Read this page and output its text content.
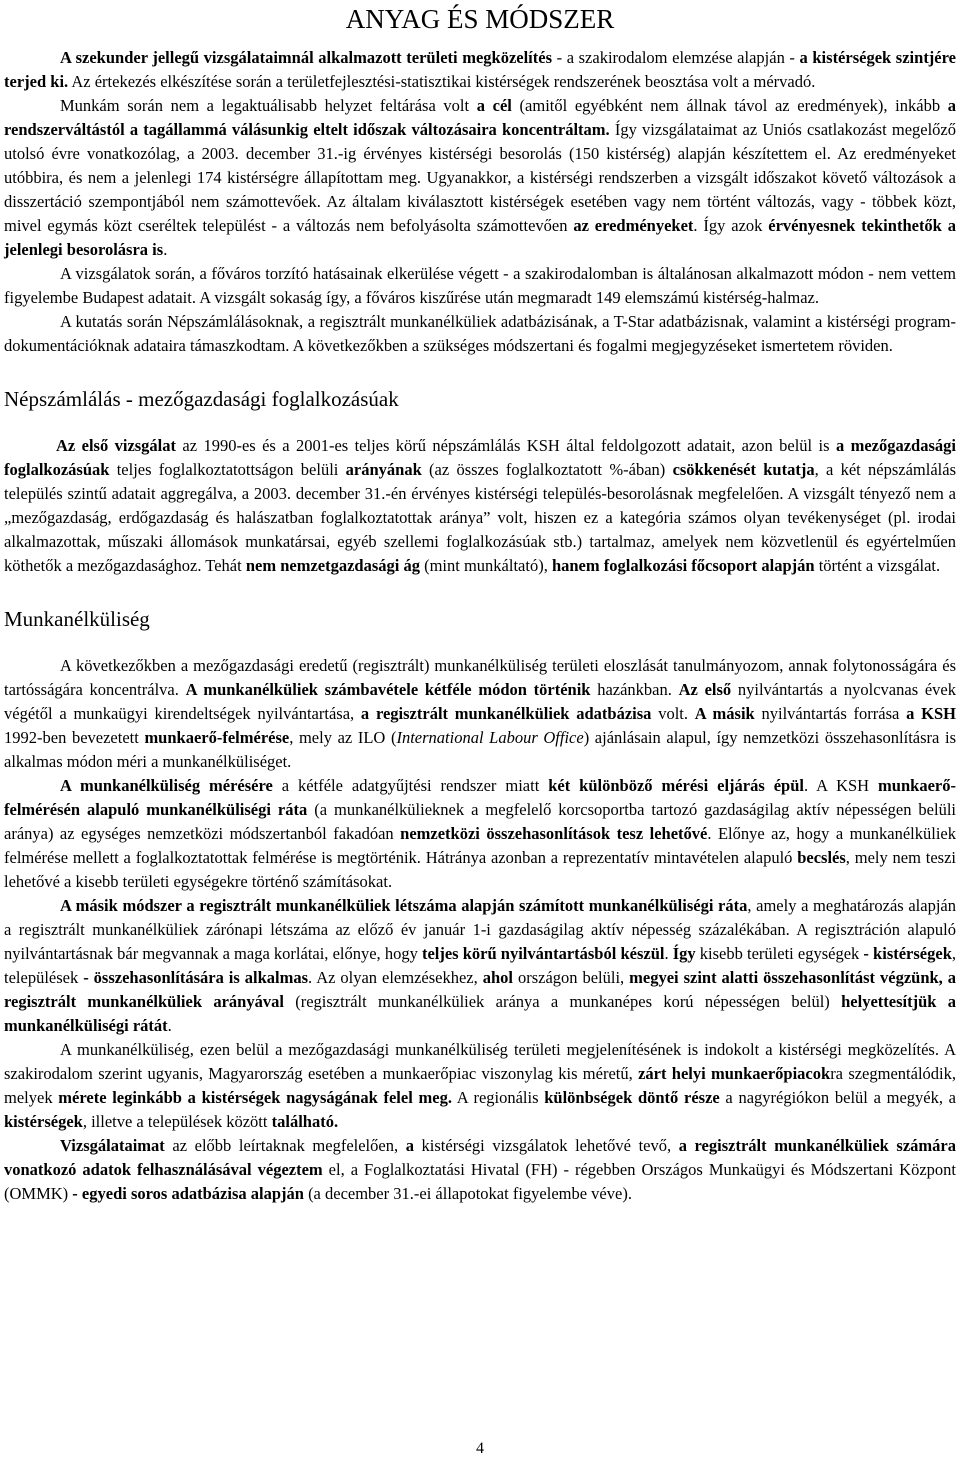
ANYAG ÉS MÓDSZER

A szekunder jellegű vizsgálataimnál alkalmazott területi megközelítés - a szakirodalom elemzése alapján - a kistérségek szintjére terjed ki. Az értekezés elkészítése során a területfejlesztési-statisztikai kistérségek rendszerének beosztása volt a mérvadó.

Munkám során nem a legaktuálisabb helyzet feltárása volt a cél (amitől egyébként nem állnak távol az eredmények), inkább a rendszerváltástól a tagállammá válásunkig eltelt időszak változásaira koncentráltam. Így vizsgálataimat az Uniós csatlakozást megelőző utolsó évre vonatkozólag, a 2003. december 31.-ig érvényes kistérségi besorolás (150 kistérség) alapján készítettem el. Az eredményeket utóbbira, és nem a jelenlegi 174 kistérségre állapítottam meg. Ugyanakkor, a kistérségi rendszerben a vizsgált időszakot követő változások a disszertáció szempontjából nem számottevőek. Az általam kiválasztott kistérségek esetében vagy nem történt változás, vagy - többek közt, mivel egymás közt cseréltek települést - a változás nem befolyásolta számottevően az eredményeket. Így azok érvényesnek tekinthetők a jelenlegi besorolásra is.

A vizsgálatok során, a főváros torzító hatásainak elkerülése végett - a szakirodalomban is általánosan alkalmazott módon - nem vettem figyelembe Budapest adatait. A vizsgált sokaság így, a főváros kiszűrése után megmaradt 149 elemszámú kistérség-halmaz.

A kutatás során Népszámlálásoknak, a regisztrált munkanélküliek adatbázisának, a T-Star adatbázisnak, valamint a kistérségi program-dokumentációknak adataira támaszkodtam. A következőkben a szükséges módszertani és fogalmi megjegyzéseket ismertetem röviden.

Népszámlálás - mezőgazdasági foglalkozásúak

Az első vizsgálat az 1990-es és a 2001-es teljes körű népszámlálás KSH által feldolgozott adatait, azon belül is a mezőgazdasági foglalkozásúak teljes foglalkoztatottságon belüli arányának (az összes foglalkoztatott %-ában) csökkenését kutatja, a két népszámlálás település szintű adatait aggregálva, a 2003. december 31.-én érvényes kistérségi település-besorolásnak megfelelően. A vizsgált tényező nem a „mezőgazdaság, erdőgazdaság és halászatban foglalkoztatottak aránya” volt, hiszen ez a kategória számos olyan tevékenységet (pl. irodai alkalmazottak, műszaki állomások munkatársai, egyéb szellemi foglalkozásúak stb.) tartalmaz, amelyek nem közvetlenül és egyértelműen köthetők a mezőgazdasághoz. Tehát nem nemzetgazdasági ág (mint munkáltató), hanem foglalkozási főcsoport alapján történt a vizsgálat.

Munkanélküliség

A következőkben a mezőgazdasági eredetű (regisztrált) munkanélküliség területi eloszlását tanulmányozom, annak folytonosságára és tartósságára koncentrálva. A munkanélküliek számbavétele kétféle módon történik hazánkban. Az első nyilvántartás a nyolcvanas évek végétől a munkaügyi kirendeltségek nyilvántartása, a regisztrált munkanélküliek adatbázisa volt. A másik nyilvántartás forrása a KSH 1992-ben bevezetett munkaerő-felmérése, mely az ILO (International Labour Office) ajánlásain alapul, így nemzetközi összehasonlításra is alkalmas módon méri a munkanélküliséget.

A munkanélküliség mérésére a kétféle adatgyűjtési rendszer miatt két különböző mérési eljárás épül. A KSH munkaerő-felmérésén alapuló munkanélküliségi ráta (a munkanélkülieknek a megfelelő korcsoportba tartozó gazdaságilag aktív népességen belüli aránya) az egységes nemzetközi módszertanból fakadóan nemzetközi összehasonlítások tesz lehetővé. Előnye az, hogy a munkanélküliek felmérése mellett a foglalkoztatottak felmérése is megtörténik. Hátránya azonban a reprezentatív mintavételen alapuló becslés, mely nem teszi lehetővé a kisebb területi egységekre történő számításokat.

A másik módszer a regisztrált munkanélküliek létszáma alapján számított munkanélküliségi ráta, amely a meghatározás alapján a regisztrált munkanélküliek zárónapi létszáma az előző év január 1-i gazdaságilag aktív népesség százalékában. A regisztráción alapuló nyilvántartásnak bár megvannak a maga korlátai, előnye, hogy teljes körű nyilvántartásból készül. Így kisebb területi egységek - kistérségek, települések - összehasonlítására is alkalmas. Az olyan elemzésekhez, ahol országon belüli, megyei szint alatti összehasonlítást végzünk, a regisztrált munkanélküliek arányával (regisztrált munkanélküliek aránya a munkanépes korú népességen belül) helyettesítjük a munkanélküliségi rátát.

A munkanélküliség, ezen belül a mezőgazdasági munkanélküliség területi megjelenítésének is indokolt a kistérségi megközelítés. A szakirodalom szerint ugyanis, Magyarország esetében a munkaerőpiac viszonylag kis méretű, zárt helyi munkaerőpiacokra szegmentálódik, melyek mérete leginkább a kistérségek nagyságának felel meg. A regionális különbségek döntő része a nagyrégiókon belül a megyék, a kistérségek, illetve a települések között található.

Vizsgálataimat az előbb leírtaknak megfelelően, a kistérségi vizsgálatok lehetővé tevő, a regisztrált munkanélküliek számára vonatkozó adatok felhasználásával végeztem el, a Foglalkoztatási Hivatal (FH) - régebben Országos Munkaügyi és Módszertani Központ (OMMK) - egyedi soros adatbázisa alapján (a december 31.-ei állapotokat figyelembe véve).

4
